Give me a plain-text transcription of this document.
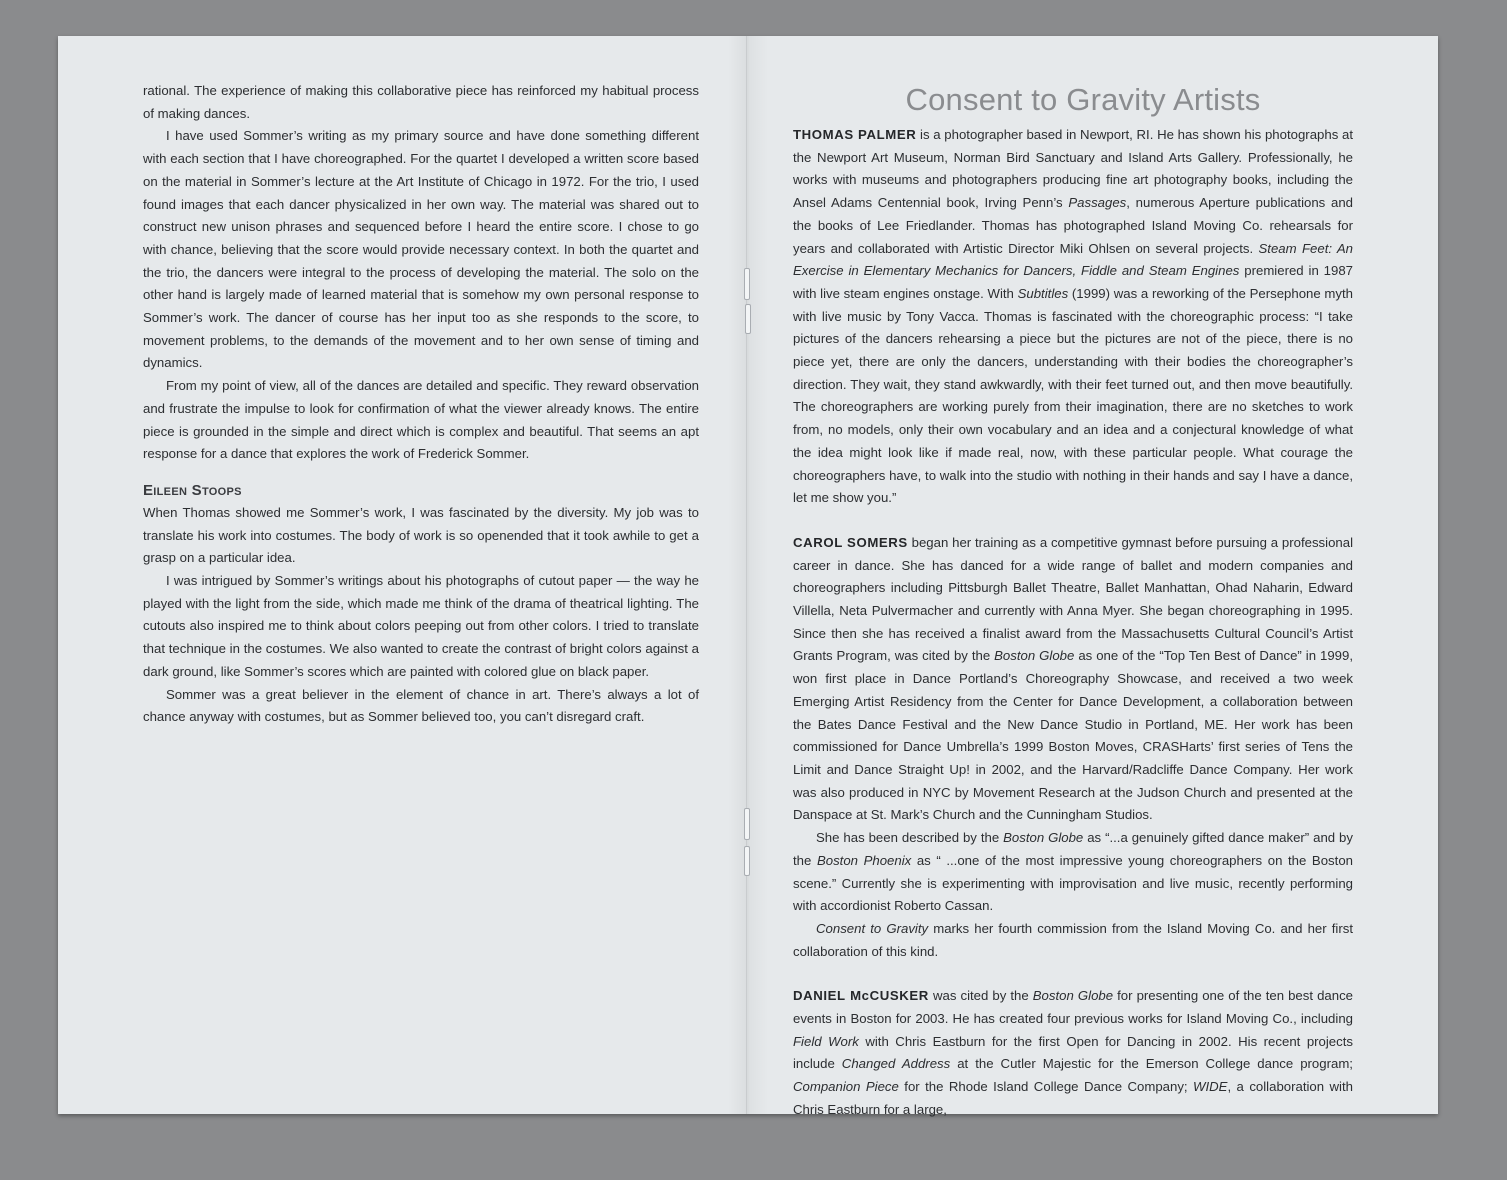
rational. The experience of making this collaborative piece has reinforced my habitual process of making dances.

I have used Sommer’s writing as my primary source and have done something different with each section that I have choreographed. For the quartet I developed a written score based on the material in Sommer’s lecture at the Art Institute of Chicago in 1972. For the trio, I used found images that each dancer physicalized in her own way. The material was shared out to construct new unison phrases and sequenced before I heard the entire score. I chose to go with chance, believing that the score would provide necessary context. In both the quartet and the trio, the dancers were integral to the process of developing the material. The solo on the other hand is largely made of learned material that is somehow my own personal response to Sommer’s work. The dancer of course has her input too as she responds to the score, to movement problems, to the demands of the movement and to her own sense of timing and dynamics.

From my point of view, all of the dances are detailed and specific. They reward observation and frustrate the impulse to look for confirmation of what the viewer already knows. The entire piece is grounded in the simple and direct which is complex and beautiful. That seems an apt response for a dance that explores the work of Frederick Sommer.

Eileen Stoops

When Thomas showed me Sommer’s work, I was fascinated by the diversity. My job was to translate his work into costumes. The body of work is so openended that it took awhile to get a grasp on a particular idea.

I was intrigued by Sommer’s writings about his photographs of cutout paper — the way he played with the light from the side, which made me think of the drama of theatrical lighting. The cutouts also inspired me to think about colors peeping out from other colors. I tried to translate that technique in the costumes. We also wanted to create the contrast of bright colors against a dark ground, like Sommer’s scores which are painted with colored glue on black paper.

Sommer was a great believer in the element of chance in art. There’s always a lot of chance anyway with costumes, but as Sommer believed too, you can’t disregard craft.

Consent to Gravity Artists

THOMAS PALMER is a photographer based in Newport, RI. He has shown his photographs at the Newport Art Museum, Norman Bird Sanctuary and Island Arts Gallery. Professionally, he works with museums and photographers producing fine art photography books, including the Ansel Adams Centennial book, Irving Penn’s Passages, numerous Aperture publications and the books of Lee Friedlander. Thomas has photographed Island Moving Co. rehearsals for years and collaborated with Artistic Director Miki Ohlsen on several projects. Steam Feet: An Exercise in Elementary Mechanics for Dancers, Fiddle and Steam Engines premiered in 1987 with live steam engines onstage. With Subtitles (1999) was a reworking of the Persephone myth with live music by Tony Vacca. Thomas is fascinated with the choreographic process: “I take pictures of the dancers rehearsing a piece but the pictures are not of the piece, there is no piece yet, there are only the dancers, understanding with their bodies the choreographer’s direction. They wait, they stand awkwardly, with their feet turned out, and then move beautifully. The choreographers are working purely from their imagination, there are no sketches to work from, no models, only their own vocabulary and an idea and a conjectural knowledge of what the idea might look like if made real, now, with these particular people. What courage the choreographers have, to walk into the studio with nothing in their hands and say I have a dance, let me show you.”

CAROL SOMERS began her training as a competitive gymnast before pursuing a professional career in dance. She has danced for a wide range of ballet and modern companies and choreographers including Pittsburgh Ballet Theatre, Ballet Manhattan, Ohad Naharin, Edward Villella, Neta Pulvermacher and currently with Anna Myer. She began choreographing in 1995. Since then she has received a finalist award from the Massachusetts Cultural Council’s Artist Grants Program, was cited by the Boston Globe as one of the “Top Ten Best of Dance” in 1999, won first place in Dance Portland’s Choreography Showcase, and received a two week Emerging Artist Residency from the Center for Dance Development, a collaboration between the Bates Dance Festival and the New Dance Studio in Portland, ME. Her work has been commissioned for Dance Umbrella’s 1999 Boston Moves, CRASHarts’ first series of Tens the Limit and Dance Straight Up! in 2002, and the Harvard/Radcliffe Dance Company. Her work was also produced in NYC by Movement Research at the Judson Church and presented at the Danspace at St. Mark’s Church and the Cunningham Studios.

She has been described by the Boston Globe as “...a genuinely gifted dance maker” and by the Boston Phoenix as “ ...one of the most impressive young choreographers on the Boston scene.” Currently she is experimenting with improvisation and live music, recently performing with accordionist Roberto Cassan.

Consent to Gravity marks her fourth commission from the Island Moving Co. and her first collaboration of this kind.

DANIEL McCUSKER was cited by the Boston Globe for presenting one of the ten best dance events in Boston for 2003. He has created four previous works for Island Moving Co., including Field Work with Chris Eastburn for the first Open for Dancing in 2002. His recent projects include Changed Address at the Cutler Majestic for the Emerson College dance program; Companion Piece for the Rhode Island College Dance Company; WIDE, a collaboration with Chris Eastburn for a large,
